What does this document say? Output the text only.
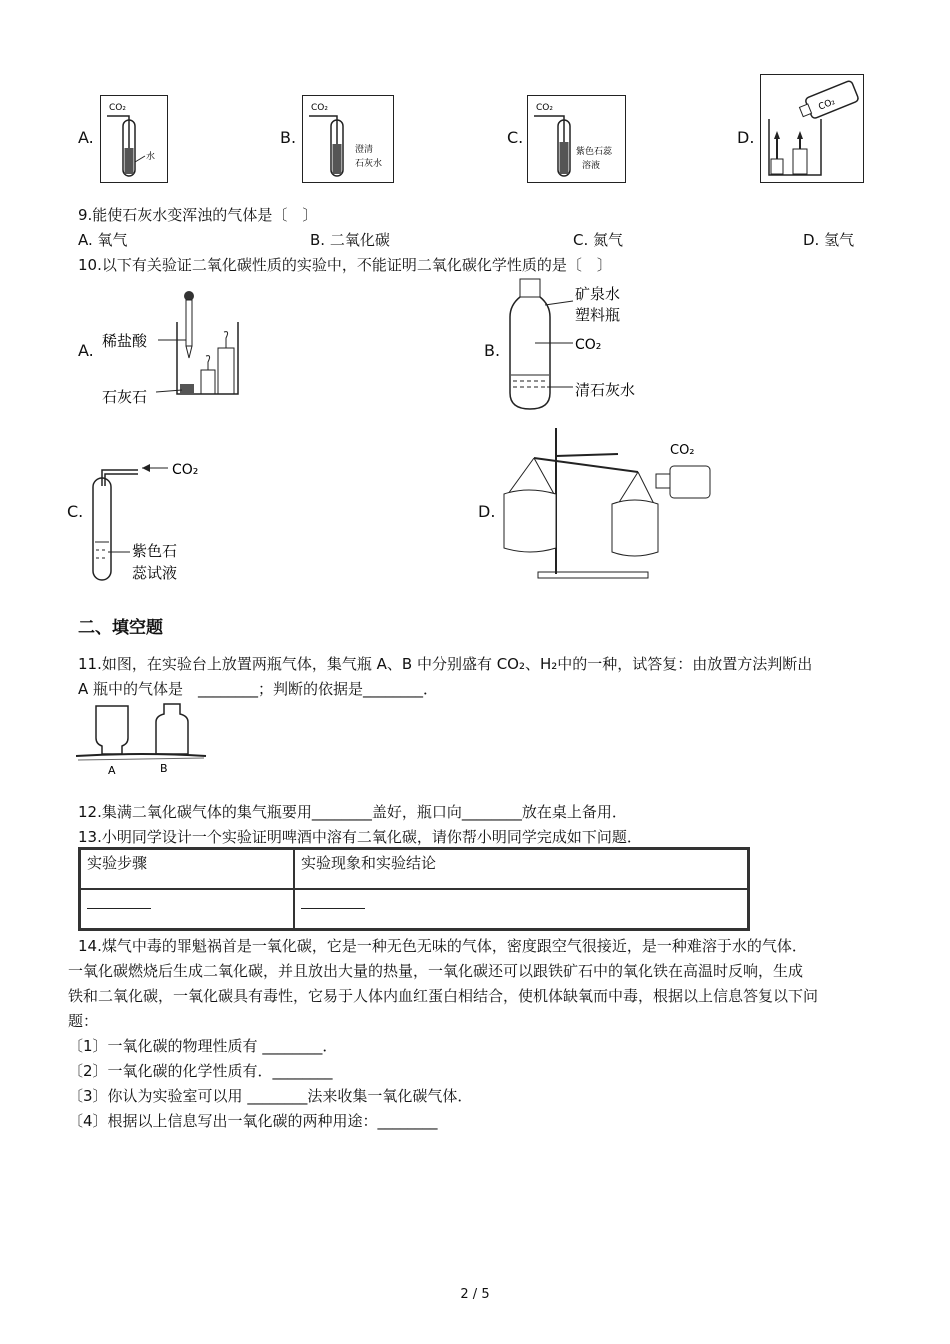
A.
CO₂
水
B.
CO₂
澄清
石灰水
C.
CO₂
紫色石蕊
溶液
D.
CO₂
9.能使石灰水变浑浊的气体是〔　〕
A. 氧气	B. 二氧化碳	C. 氮气	D. 氢气
10.以下有关验证二氧化碳性质的实验中，不能证明二氧化碳化学性质的是〔　〕
A. 稀盐酸
石灰石
B.
矿泉水
塑料瓶
CO₂
清石灰水
C.
CO₂
紫色石
蕊试液
D.
CO₂
二、填空题
11.如图，在实验台上放置两瓶气体，集气瓶 A、B 中分别盛有 CO₂、H₂中的一种，试答复：由放置方法判断出
A 瓶中的气体是　________；判断的依据是________．
A	B
12.集满二氧化碳气体的集气瓶要用________盖好，瓶口向________放在桌上备用．
13.小明同学设计一个实验证明啤酒中溶有二氧化碳，请你帮小明同学完成如下问题．
实验步骤	实验现象和实验结论

14.煤气中毒的罪魁祸首是一氧化碳，它是一种无色无味的气体，密度跟空气很接近，是一种难溶于水的气体．
一氧化碳燃烧后生成二氧化碳，并且放出大量的热量，一氧化碳还可以跟铁矿石中的氧化铁在高温时反响，生成
铁和二氧化碳，一氧化碳具有毒性，它易于人体内血红蛋白相结合，使机体缺氧而中毒，根据以上信息答复以下问
题：
〔1〕一氧化碳的物理性质有 ________．
〔2〕一氧化碳的化学性质有．________
〔3〕你认为实验室可以用 ________法来收集一氧化碳气体．
〔4〕根据以上信息写出一氧化碳的两种用途：________
2 / 5
